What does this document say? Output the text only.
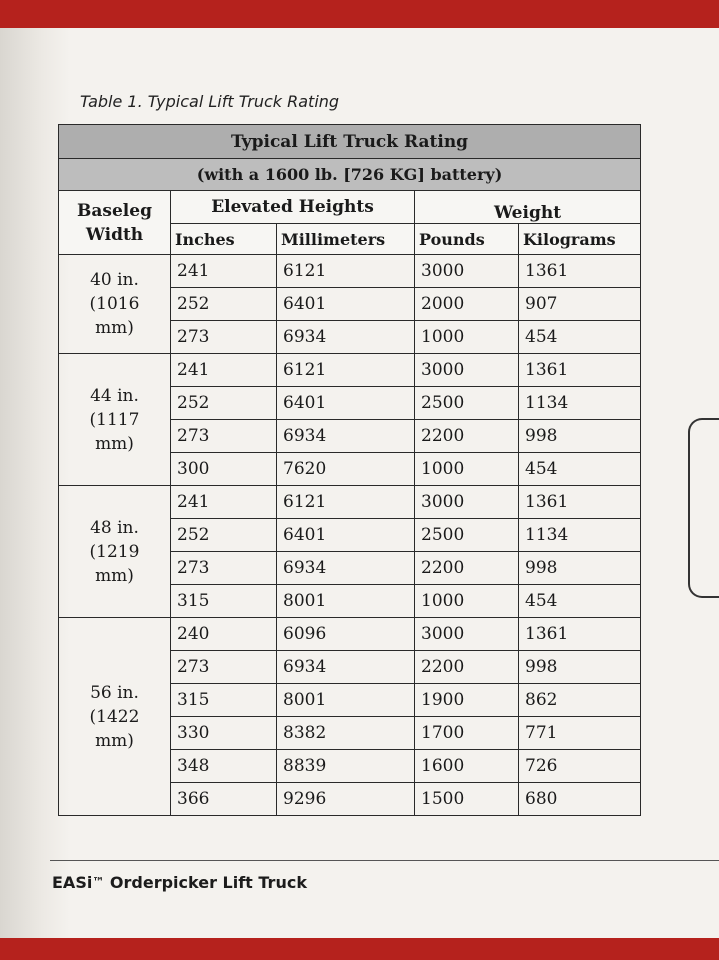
Table 1. Typical Lift Truck Rating
Typical Lift Truck Rating				
(with a 1600 lb. [726 KG] battery)				
Baseleg
Width	Elevated Heights		Weight	
	Inches	Millimeters	Pounds	Kilograms
40 in.
(1016
mm)	241	6121	3000	1361
	252	6401	2000	907
	273	6934	1000	454
44 in.
(1117
mm)	241	6121	3000	1361
	252	6401	2500	1134
	273	6934	2200	998
	300	7620	1000	454
48 in.
(1219
mm)	241	6121	3000	1361
	252	6401	2500	1134
	273	6934	2200	998
	315	8001	1000	454
56 in.
(1422
mm)	240	6096	3000	1361
	273	6934	2200	998
	315	8001	1900	862
	330	8382	1700	771
	348	8839	1600	726
	366	9296	1500	680
EASi™ Orderpicker Lift Truck
